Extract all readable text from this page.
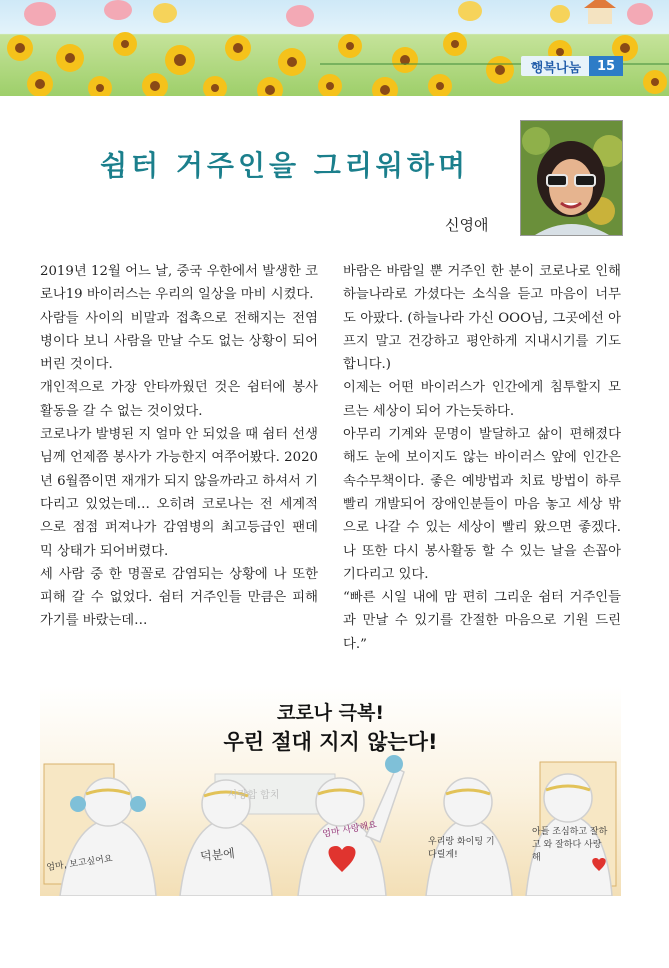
행복나눔	15
쉼터 거주인을 그리워하며
신영애

2019년 12월 어느 날, 중국 우한에서 발생한 코로나19 바이러스는 우리의 일상을 마비 시켰다.

사람들 사이의 비말과 접촉으로 전해지는 전염병이다 보니 사람을 만날 수도 없는 상황이 되어 버린 것이다.

개인적으로 가장 안타까웠던 것은 쉼터에 봉사활동을 갈 수 없는 것이었다.

코로나가 발병된 지 얼마 안 되었을 때 쉼터 선생님께 언제쯤 봉사가 가능한지 여쭈어봤다. 2020년 6월쯤이면 재개가 되지 않을까라고 하셔서 기다리고 있었는데… 오히려 코로나는 전 세계적으로 점점 퍼져나가 감염병의 최고등급인 팬데믹 상태가 되어버렸다.

세 사람 중 한 명꼴로 감염되는 상황에 나 또한 피해 갈 수 없었다. 쉼터 거주인들 만큼은 피해 가기를 바랐는데…

바람은 바람일 뿐 거주인 한 분이 코로나로 인해 하늘나라로 가셨다는 소식을 듣고 마음이 너무도 아팠다. (하늘나라 가신 OOO님, 그곳에선 아프지 말고 건강하고 평안하게 지내시기를 기도합니다.)

이제는 어떤 바이러스가 인간에게 침투할지 모르는 세상이 되어 가는듯하다.

아무리 기계와 문명이 발달하고 삶이 편해졌다 해도 눈에 보이지도 않는 바이러스 앞에 인간은 속수무책이다. 좋은 예방법과 치료 방법이 하루 빨리 개발되어 장애인분들이 마음 놓고 세상 밖으로 나갈 수 있는 세상이 빨리 왔으면 좋겠다. 나 또한 다시 봉사활동 할 수 있는 날을 손꼽아 기다리고 있다.

“빠른 시일 내에 맘 편히 그리운 쉼터 거주인들과 만날 수 있기를 간절한 마음으로 기원 드린다.”

코로나 극복!
우린 절대 지지 않는다!
사랑합 합치
엄마, 보고싶어요	덕분에
엄마 사랑해요
우리랑 화이팅 기다릴게!
아들 조심하고 잘하고 와 잘하다 사랑해
